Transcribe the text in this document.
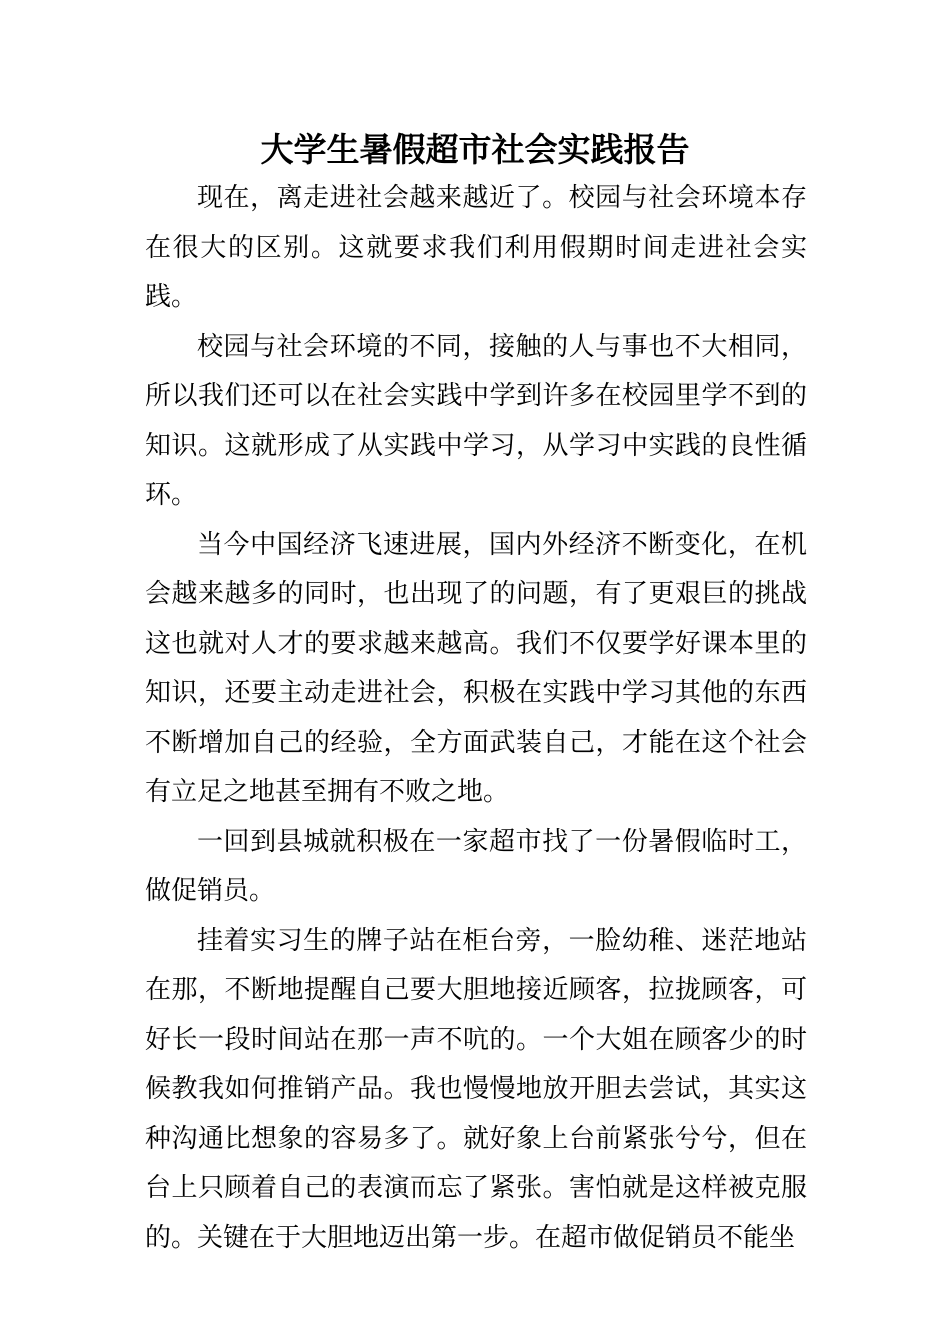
大学生暑假超市社会实践报告

现在，离走进社会越来越近了。校园与社会环境本存在很大的区别。这就要求我们利用假期时间走进社会实践。

校园与社会环境的不同，接触的人与事也不大相同，所以我们还可以在社会实践中学到许多在校园里学不到的知识。这就形成了从实践中学习，从学习中实践的良性循环。

当今中国经济飞速进展，国内外经济不断变化，在机会越来越多的同时，也出现了的问题，有了更艰巨的挑战这也就对人才的要求越来越高。我们不仅要学好课本里的知识，还要主动走进社会，积极在实践中学习其他的东西不断增加自己的经验，全方面武装自己，才能在这个社会有立足之地甚至拥有不败之地。

一回到县城就积极在一家超市找了一份暑假临时工，做促销员。

挂着实习生的牌子站在柜台旁，一脸幼稚、迷茫地站在那，不断地提醒自己要大胆地接近顾客，拉拢顾客，可好长一段时间站在那一声不吭的。一个大姐在顾客少的时候教我如何推销产品。我也慢慢地放开胆去尝试，其实这种沟通比想象的容易多了。就好象上台前紧张兮兮，但在台上只顾着自己的表演而忘了紧张。害怕就是这样被克服的。关键在于大胆地迈出第一步。在超市做促销员不能坐
